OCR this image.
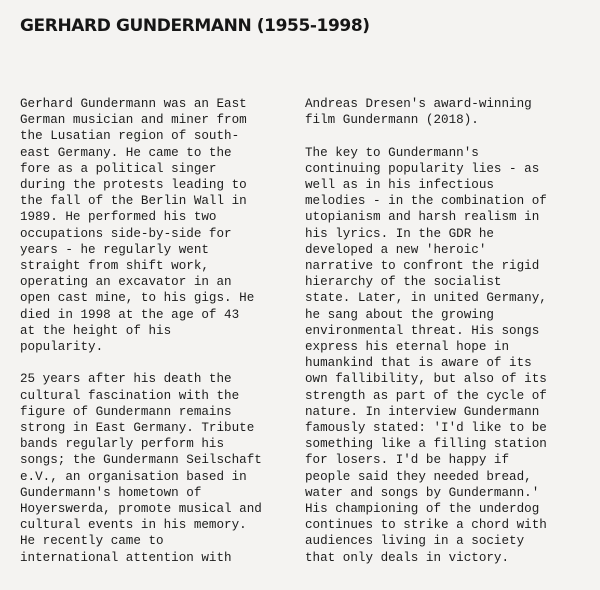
GERHARD GUNDERMANN (1955-1998)
Gerhard Gundermann was an East
German musician and miner from
the Lusatian region of south-
east Germany. He came to the
fore as a political singer
during the protests leading to
the fall of the Berlin Wall in
1989. He performed his two
occupations side-by-side for
years - he regularly went
straight from shift work,
operating an excavator in an
open cast mine, to his gigs. He
died in 1998 at the age of 43
at the height of his
popularity.
25 years after his death the
cultural fascination with the
figure of Gundermann remains
strong in East Germany. Tribute
bands regularly perform his
songs; the Gundermann Seilschaft
e.V., an organisation based in
Gundermann's hometown of
Hoyerswerda, promote musical and
cultural events in his memory.
He recently came to
international attention with
Andreas Dresen's award-winning
film Gundermann (2018).
The key to Gundermann's
continuing popularity lies - as
well as in his infectious
melodies - in the combination of
utopianism and harsh realism in
his lyrics. In the GDR he
developed a new 'heroic'
narrative to confront the rigid
hierarchy of the socialist
state. Later, in united Germany,
he sang about the growing
environmental threat. His songs
express his eternal hope in
humankind that is aware of its
own fallibility, but also of its
strength as part of the cycle of
nature. In interview Gundermann
famously stated: 'I'd like to be
something like a filling station
for losers. I'd be happy if
people said they needed bread,
water and songs by Gundermann.'
His championing of the underdog
continues to strike a chord with
audiences living in a society
that only deals in victory.
